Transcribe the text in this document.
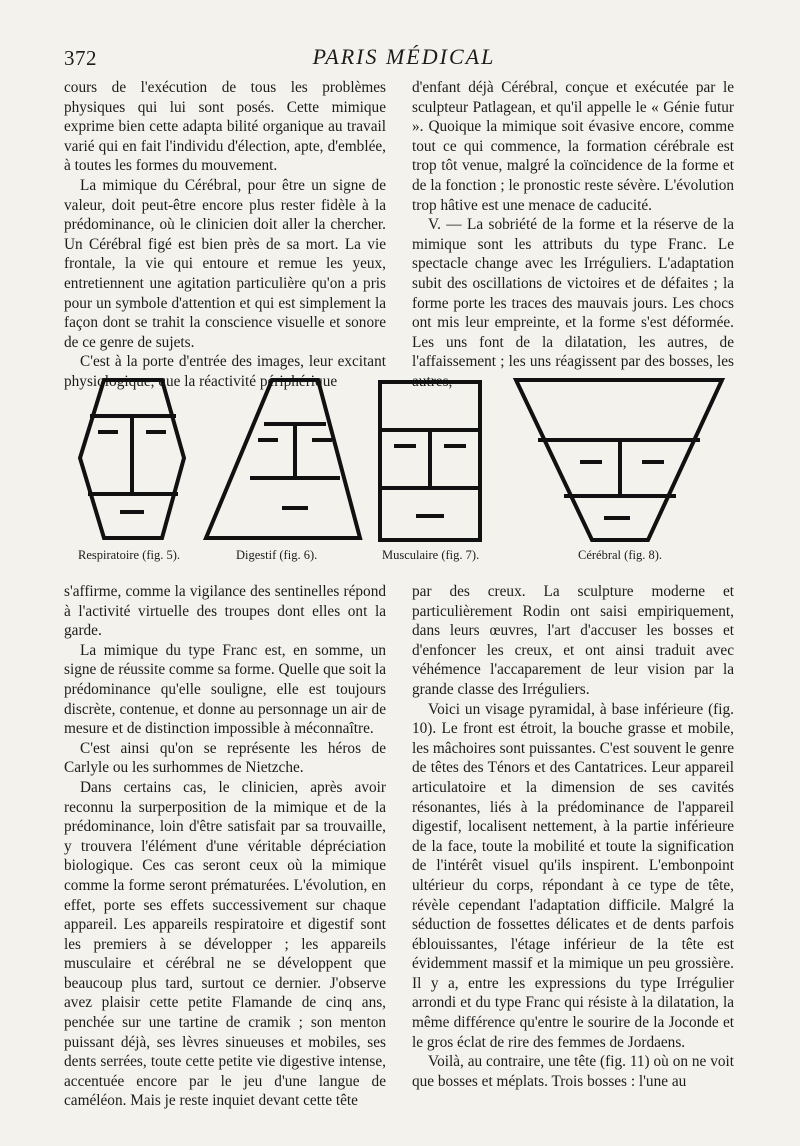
372	PARIS MÉDICAL

cours de l'exécution de tous les problèmes physiques qui lui sont posés. Cette mimique exprime bien cette adapta bilité organique au travail varié qui en fait l'individu d'élection, apte, d'emblée, à toutes les formes du mouvement.

La mimique du Cérébral, pour être un signe de valeur, doit peut-être encore plus rester fidèle à la prédominance, où le clinicien doit aller la chercher. Un Cérébral figé est bien près de sa mort. La vie frontale, la vie qui entoure et remue les yeux, entretiennent une agitation particulière qu'on a pris pour un symbole d'attention et qui est simplement la façon dont se trahit la conscience visuelle et sonore de ce genre de sujets.

C'est à la porte d'entrée des images, leur excitant physiologique, que la réactivité périphérique

d'enfant déjà Cérébral, conçue et exécutée par le sculpteur Patlagean, et qu'il appelle le « Génie futur ». Quoique la mimique soit évasive encore, comme tout ce qui commence, la formation cérébrale est trop tôt venue, malgré la coïncidence de la forme et de la fonction ; le pronostic reste sévère. L'évolution trop hâtive est une menace de caducité.

V. — La sobriété de la forme et la réserve de la mimique sont les attributs du type Franc. Le spectacle change avec les Irréguliers. L'adaptation subit des oscillations de victoires et de défaites ; la forme porte les traces des mauvais jours. Les chocs ont mis leur empreinte, et la forme s'est déformée. Les uns font de la dilatation, les autres, de l'affaissement ; les uns réagissent par des bosses, les autres,

Respiratoire (fig. 5).	Digestif (fig. 6).	Musculaire (fig. 7).	Cérébral (fig. 8).

s'affirme, comme la vigilance des sentinelles répond à l'activité virtuelle des troupes dont elles ont la garde.

La mimique du type Franc est, en somme, un signe de réussite comme sa forme. Quelle que soit la prédominance qu'elle souligne, elle est toujours discrète, contenue, et donne au personnage un air de mesure et de distinction impossible à méconnaître.

C'est ainsi qu'on se représente les héros de Carlyle ou les surhommes de Nietzche.

Dans certains cas, le clinicien, après avoir reconnu la surperposition de la mimique et de la prédominance, loin d'être satisfait par sa trouvaille, y trouvera l'élément d'une véritable dépréciation biologique. Ces cas seront ceux où la mimique comme la forme seront prématurées. L'évolution, en effet, porte ses effets successivement sur chaque appareil. Les appareils respiratoire et digestif sont les premiers à se développer ; les appareils musculaire et cérébral ne se développent que beaucoup plus tard, surtout ce dernier. J'observe avez plaisir cette petite Flamande de cinq ans, penchée sur une tartine de cramik ; son menton puissant déjà, ses lèvres sinueuses et mobiles, ses dents serrées, toute cette petite vie digestive intense, accentuée encore par le jeu d'une langue de caméléon. Mais je reste inquiet devant cette tête

par des creux. La sculpture moderne et particulièrement Rodin ont saisi empiriquement, dans leurs œuvres, l'art d'accuser les bosses et d'enfoncer les creux, et ont ainsi traduit avec véhémence l'accaparement de leur vision par la grande classe des Irréguliers.

Voici un visage pyramidal, à base inférieure (fig. 10). Le front est étroit, la bouche grasse et mobile, les mâchoires sont puissantes. C'est souvent le genre de têtes des Ténors et des Cantatrices. Leur appareil articulatoire et la dimension de ses cavités résonantes, liés à la prédominance de l'appareil digestif, localisent nettement, à la partie inférieure de la face, toute la mobilité et toute la signification de l'intérêt visuel qu'ils inspirent. L'embonpoint ultérieur du corps, répondant à ce type de tête, révèle cependant l'adaptation difficile. Malgré la séduction de fossettes délicates et de dents parfois éblouissantes, l'étage inférieur de la tête est évidemment massif et la mimique un peu grossière. Il y a, entre les expressions du type Irrégulier arrondi et du type Franc qui résiste à la dilatation, la même différence qu'entre le sourire de la Joconde et le gros éclat de rire des femmes de Jordaens.

Voilà, au contraire, une tête (fig. 11) où on ne voit que bosses et méplats. Trois bosses : l'une au
